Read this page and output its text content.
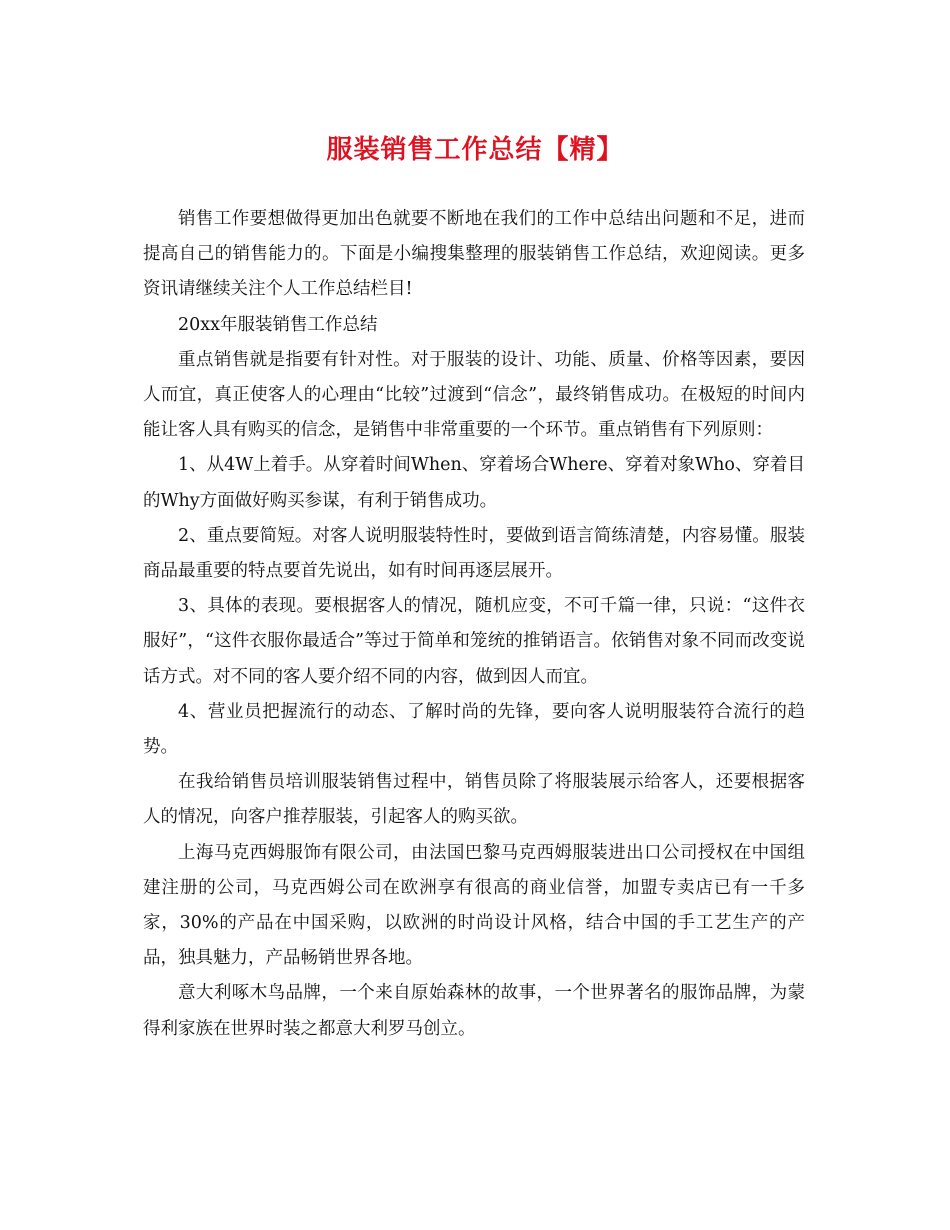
服装销售工作总结【精】

销售工作要想做得更加出色就要不断地在我们的工作中总结出问题和不足，进而提高自己的销售能力的。下面是小编搜集整理的服装销售工作总结，欢迎阅读。更多资讯请继续关注个人工作总结栏目!

20xx年服装销售工作总结

重点销售就是指要有针对性。对于服装的设计、功能、质量、价格等因素，要因人而宜，真正使客人的心理由“比较”过渡到“信念”，最终销售成功。在极短的时间内能让客人具有购买的信念，是销售中非常重要的一个环节。重点销售有下列原则：

1、从4W上着手。从穿着时间When、穿着场合Where、穿着对象Who、穿着目的Why方面做好购买参谋，有利于销售成功。

2、重点要简短。对客人说明服装特性时，要做到语言简练清楚，内容易懂。服装商品最重要的特点要首先说出，如有时间再逐层展开。

3、具体的表现。要根据客人的情况，随机应变，不可千篇一律，只说：“这件衣服好”，“这件衣服你最适合”等过于简单和笼统的推销语言。依销售对象不同而改变说话方式。对不同的客人要介绍不同的内容，做到因人而宜。

4、营业员把握流行的动态、了解时尚的先锋，要向客人说明服装符合流行的趋势。

在我给销售员培训服装销售过程中，销售员除了将服装展示给客人，还要根据客人的情况，向客户推荐服装，引起客人的购买欲。

上海马克西姆服饰有限公司，由法国巴黎马克西姆服装进出口公司授权在中国组建注册的公司，马克西姆公司在欧洲享有很高的商业信誉，加盟专卖店已有一千多家，30%的产品在中国采购，以欧洲的时尚设计风格，结合中国的手工艺生产的产品，独具魅力，产品畅销世界各地。

意大利啄木鸟品牌，一个来自原始森林的故事，一个世界著名的服饰品牌，为蒙得利家族在世界时装之都意大利罗马创立。
